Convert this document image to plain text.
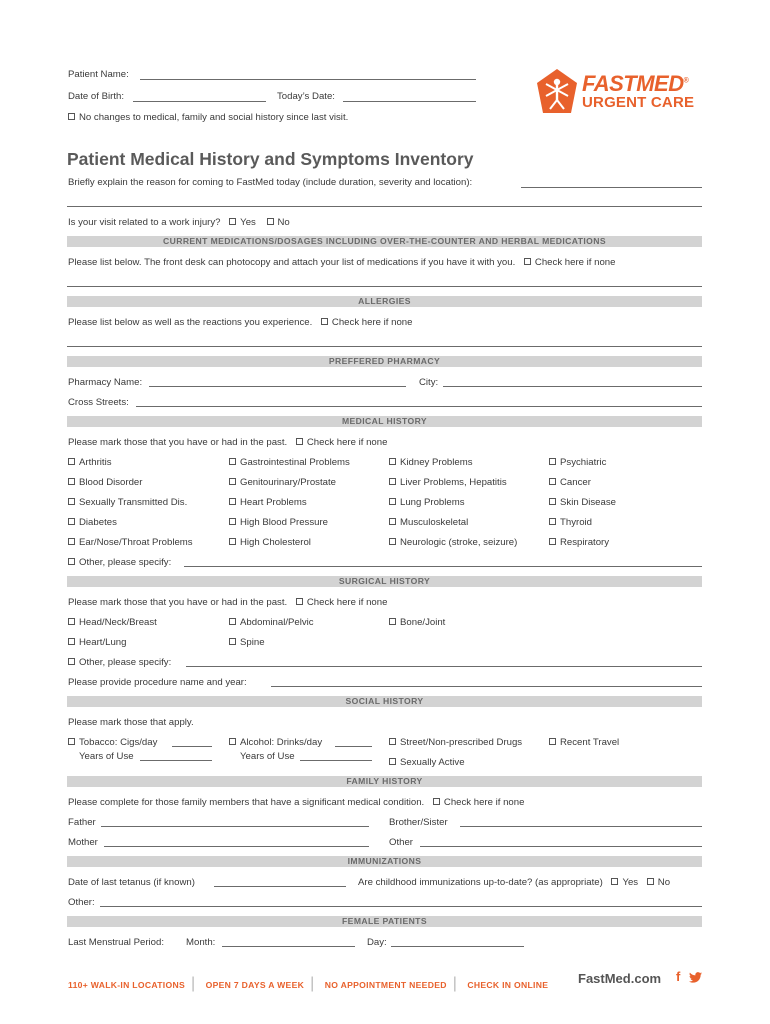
Patient Name:
Date of Birth:	Today’s Date:
No changes to medical, family and social history since last visit.
FASTMED®
URGENT CARE
Patient Medical History and Symptoms Inventory
Briefly explain the reason for coming to FastMed today (include duration, severity and location):
Is your visit related to a work injury? Yes No
CURRENT MEDICATIONS/DOSAGES INCLUDING OVER-THE-COUNTER AND HERBAL MEDICATIONS
Please list below. The front desk can photocopy and attach your list of medications if you have it with you. Check here if none
ALLERGIES
Please list below as well as the reactions you experience. Check here if none
PREFFERED PHARMACY
Pharmacy Name:	City:
Cross Streets:
MEDICAL HISTORY
Please mark those that you have or had in the past. Check here if none
Arthritis	Gastrointestinal Problems	Kidney Problems	Psychiatric
Blood Disorder	Genitourinary/Prostate	Liver Problems, Hepatitis	Cancer
Sexually Transmitted Dis.	Heart Problems	Lung Problems	Skin Disease
Diabetes	High Blood Pressure	Musculoskeletal	Thyroid
Ear/Nose/Throat Problems	High Cholesterol	Neurologic (stroke, seizure)	Respiratory
Other, please specify:
SURGICAL HISTORY
Please mark those that you have or had in the past. Check here if none
Head/Neck/Breast	Abdominal/Pelvic	Bone/Joint
Heart/Lung	Spine
Other, please specify:
Please provide procedure name and year:
SOCIAL HISTORY
Please mark those that apply.
Tobacco: Cigs/day
Years of Use
Alcohol: Drinks/day
Years of Use
Street/Non-prescribed Drugs	Recent Travel
Sexually Active
FAMILY HISTORY
Please complete for those family members that have a significant medical condition. Check here if none
Father	Brother/Sister
Mother	Other
IMMUNIZATIONS
Date of last tetanus (if known)	Are childhood immunizations up-to-date? (as appropriate) Yes No
Other:
FEMALE PATIENTS
Last Menstrual Period: Month:	Day:
110+ WALK-IN LOCATIONS | OPEN 7 DAYS A WEEK | NO APPOINTMENT NEEDED | CHECK IN ONLINE FastMed.com f
